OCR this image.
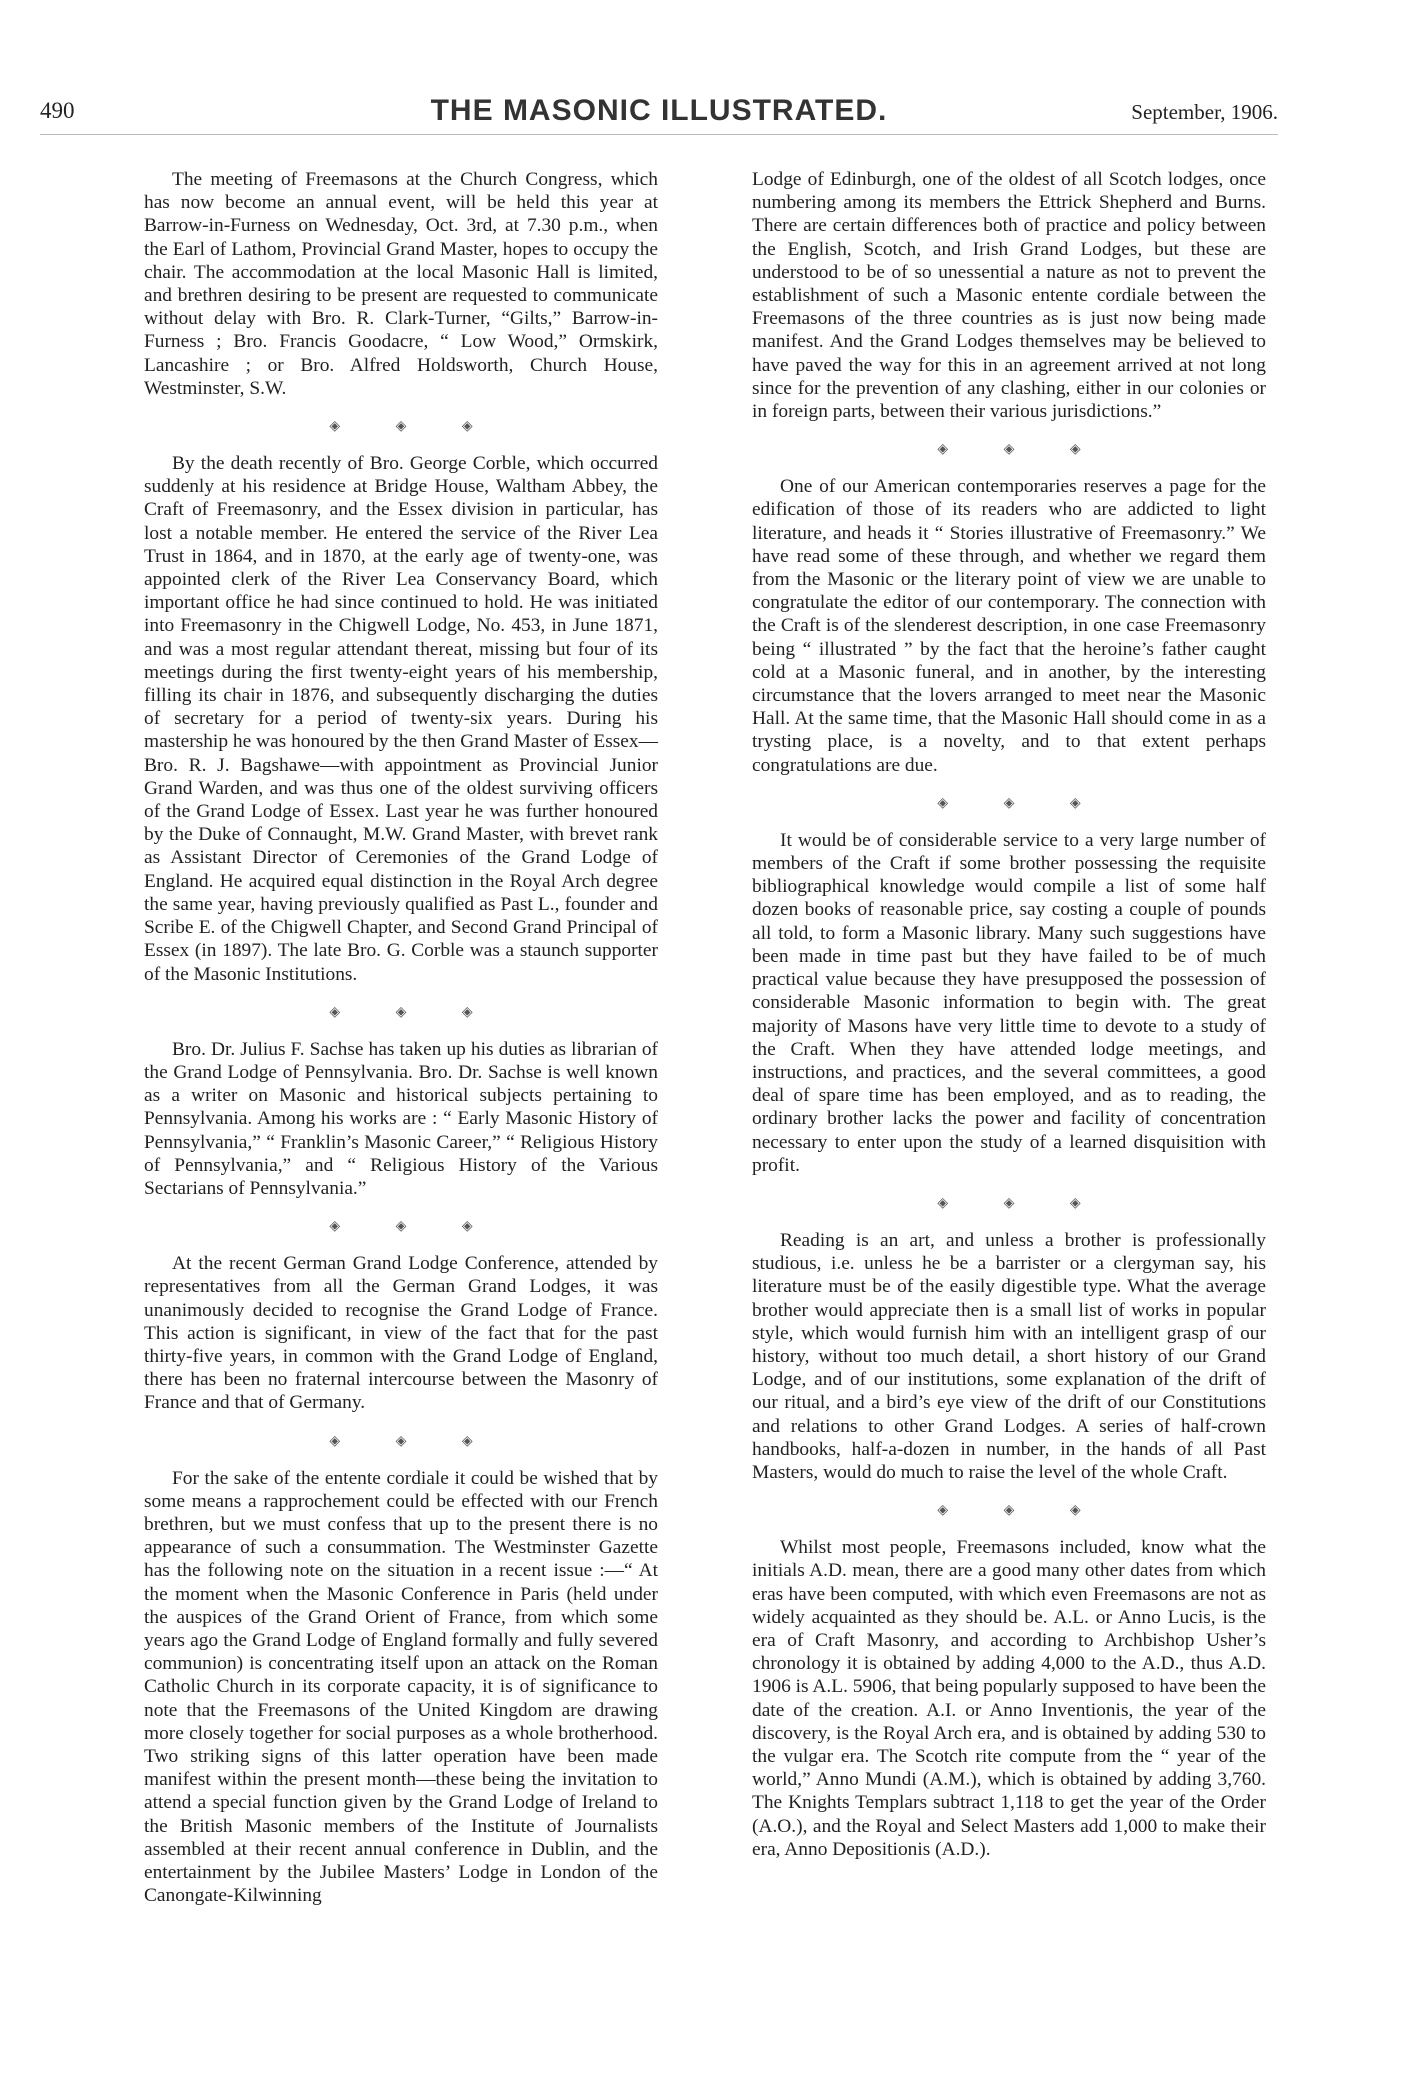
490	THE MASONIC ILLUSTRATED.	September, 1906.

The meeting of Freemasons at the Church Congress, which has now become an annual event, will be held this year at Barrow-in-Furness on Wednesday, Oct. 3rd, at 7.30 p.m., when the Earl of Lathom, Provincial Grand Master, hopes to occupy the chair. The accommodation at the local Masonic Hall is limited, and brethren desiring to be present are requested to communicate without delay with Bro. R. Clark-Turner, “Gilts,” Barrow-in-Furness ; Bro. Francis Goodacre, “ Low Wood,” Ormskirk, Lancashire ; or Bro. Alfred Holdsworth, Church House, Westminster, S.W.

◈ ◈ ◈

By the death recently of Bro. George Corble, which occurred suddenly at his residence at Bridge House, Waltham Abbey, the Craft of Freemasonry, and the Essex division in particular, has lost a notable member. He entered the service of the River Lea Trust in 1864, and in 1870, at the early age of twenty-one, was appointed clerk of the River Lea Conservancy Board, which important office he had since continued to hold. He was initiated into Freemasonry in the Chigwell Lodge, No. 453, in June 1871, and was a most regular attendant thereat, missing but four of its meetings during the first twenty-eight years of his membership, filling its chair in 1876, and subsequently discharging the duties of secretary for a period of twenty-six years. During his mastership he was honoured by the then Grand Master of Essex—Bro. R. J. Bagshawe—with appointment as Provincial Junior Grand Warden, and was thus one of the oldest surviving officers of the Grand Lodge of Essex. Last year he was further honoured by the Duke of Connaught, M.W. Grand Master, with brevet rank as Assistant Director of Ceremonies of the Grand Lodge of England. He acquired equal distinction in the Royal Arch degree the same year, having previously qualified as Past L., founder and Scribe E. of the Chigwell Chapter, and Second Grand Principal of Essex (in 1897). The late Bro. G. Corble was a staunch supporter of the Masonic Institutions.

◈ ◈ ◈

Bro. Dr. Julius F. Sachse has taken up his duties as librarian of the Grand Lodge of Pennsylvania. Bro. Dr. Sachse is well known as a writer on Masonic and historical subjects pertaining to Pennsylvania. Among his works are : “ Early Masonic History of Pennsylvania,” “ Franklin’s Masonic Career,” “ Religious History of Pennsylvania,” and “ Religious History of the Various Sectarians of Pennsylvania.”

◈ ◈ ◈

At the recent German Grand Lodge Conference, attended by representatives from all the German Grand Lodges, it was unanimously decided to recognise the Grand Lodge of France. This action is significant, in view of the fact that for the past thirty-five years, in common with the Grand Lodge of England, there has been no fraternal intercourse between the Masonry of France and that of Germany.

◈ ◈ ◈

For the sake of the entente cordiale it could be wished that by some means a rapprochement could be effected with our French brethren, but we must confess that up to the present there is no appearance of such a consummation. The Westminster Gazette has the following note on the situation in a recent issue :—“ At the moment when the Masonic Conference in Paris (held under the auspices of the Grand Orient of France, from which some years ago the Grand Lodge of England formally and fully severed communion) is concentrating itself upon an attack on the Roman Catholic Church in its corporate capacity, it is of significance to note that the Freemasons of the United Kingdom are drawing more closely together for social purposes as a whole brotherhood. Two striking signs of this latter operation have been made manifest within the present month—these being the invitation to attend a special function given by the Grand Lodge of Ireland to the British Masonic members of the Institute of Journalists assembled at their recent annual conference in Dublin, and the entertainment by the Jubilee Masters’ Lodge in London of the Canongate-Kilwinning

Lodge of Edinburgh, one of the oldest of all Scotch lodges, once numbering among its members the Ettrick Shepherd and Burns. There are certain differences both of practice and policy between the English, Scotch, and Irish Grand Lodges, but these are understood to be of so unessential a nature as not to prevent the establishment of such a Masonic entente cordiale between the Freemasons of the three countries as is just now being made manifest. And the Grand Lodges themselves may be believed to have paved the way for this in an agreement arrived at not long since for the prevention of any clashing, either in our colonies or in foreign parts, between their various jurisdictions.”

◈ ◈ ◈

One of our American contemporaries reserves a page for the edification of those of its readers who are addicted to light literature, and heads it “ Stories illustrative of Freemasonry.” We have read some of these through, and whether we regard them from the Masonic or the literary point of view we are unable to congratulate the editor of our contemporary. The connection with the Craft is of the slenderest description, in one case Freemasonry being “ illustrated ” by the fact that the heroine’s father caught cold at a Masonic funeral, and in another, by the interesting circumstance that the lovers arranged to meet near the Masonic Hall. At the same time, that the Masonic Hall should come in as a trysting place, is a novelty, and to that extent perhaps congratulations are due.

◈ ◈ ◈

It would be of considerable service to a very large number of members of the Craft if some brother possessing the requisite bibliographical knowledge would compile a list of some half dozen books of reasonable price, say costing a couple of pounds all told, to form a Masonic library. Many such suggestions have been made in time past but they have failed to be of much practical value because they have presupposed the possession of considerable Masonic information to begin with. The great majority of Masons have very little time to devote to a study of the Craft. When they have attended lodge meetings, and instructions, and practices, and the several committees, a good deal of spare time has been employed, and as to reading, the ordinary brother lacks the power and facility of concentration necessary to enter upon the study of a learned disquisition with profit.

◈ ◈ ◈

Reading is an art, and unless a brother is professionally studious, i.e. unless he be a barrister or a clergyman say, his literature must be of the easily digestible type. What the average brother would appreciate then is a small list of works in popular style, which would furnish him with an intelligent grasp of our history, without too much detail, a short history of our Grand Lodge, and of our institutions, some explanation of the drift of our ritual, and a bird’s eye view of the drift of our Constitutions and relations to other Grand Lodges. A series of half-crown handbooks, half-a-dozen in number, in the hands of all Past Masters, would do much to raise the level of the whole Craft.

◈ ◈ ◈

Whilst most people, Freemasons included, know what the initials A.D. mean, there are a good many other dates from which eras have been computed, with which even Freemasons are not as widely acquainted as they should be. A.L. or Anno Lucis, is the era of Craft Masonry, and according to Archbishop Usher’s chronology it is obtained by adding 4,000 to the A.D., thus A.D. 1906 is A.L. 5906, that being popularly supposed to have been the date of the creation. A.I. or Anno Inventionis, the year of the discovery, is the Royal Arch era, and is obtained by adding 530 to the vulgar era. The Scotch rite compute from the “ year of the world,” Anno Mundi (A.M.), which is obtained by adding 3,760. The Knights Templars subtract 1,118 to get the year of the Order (A.O.), and the Royal and Select Masters add 1,000 to make their era, Anno Depositionis (A.D.).
